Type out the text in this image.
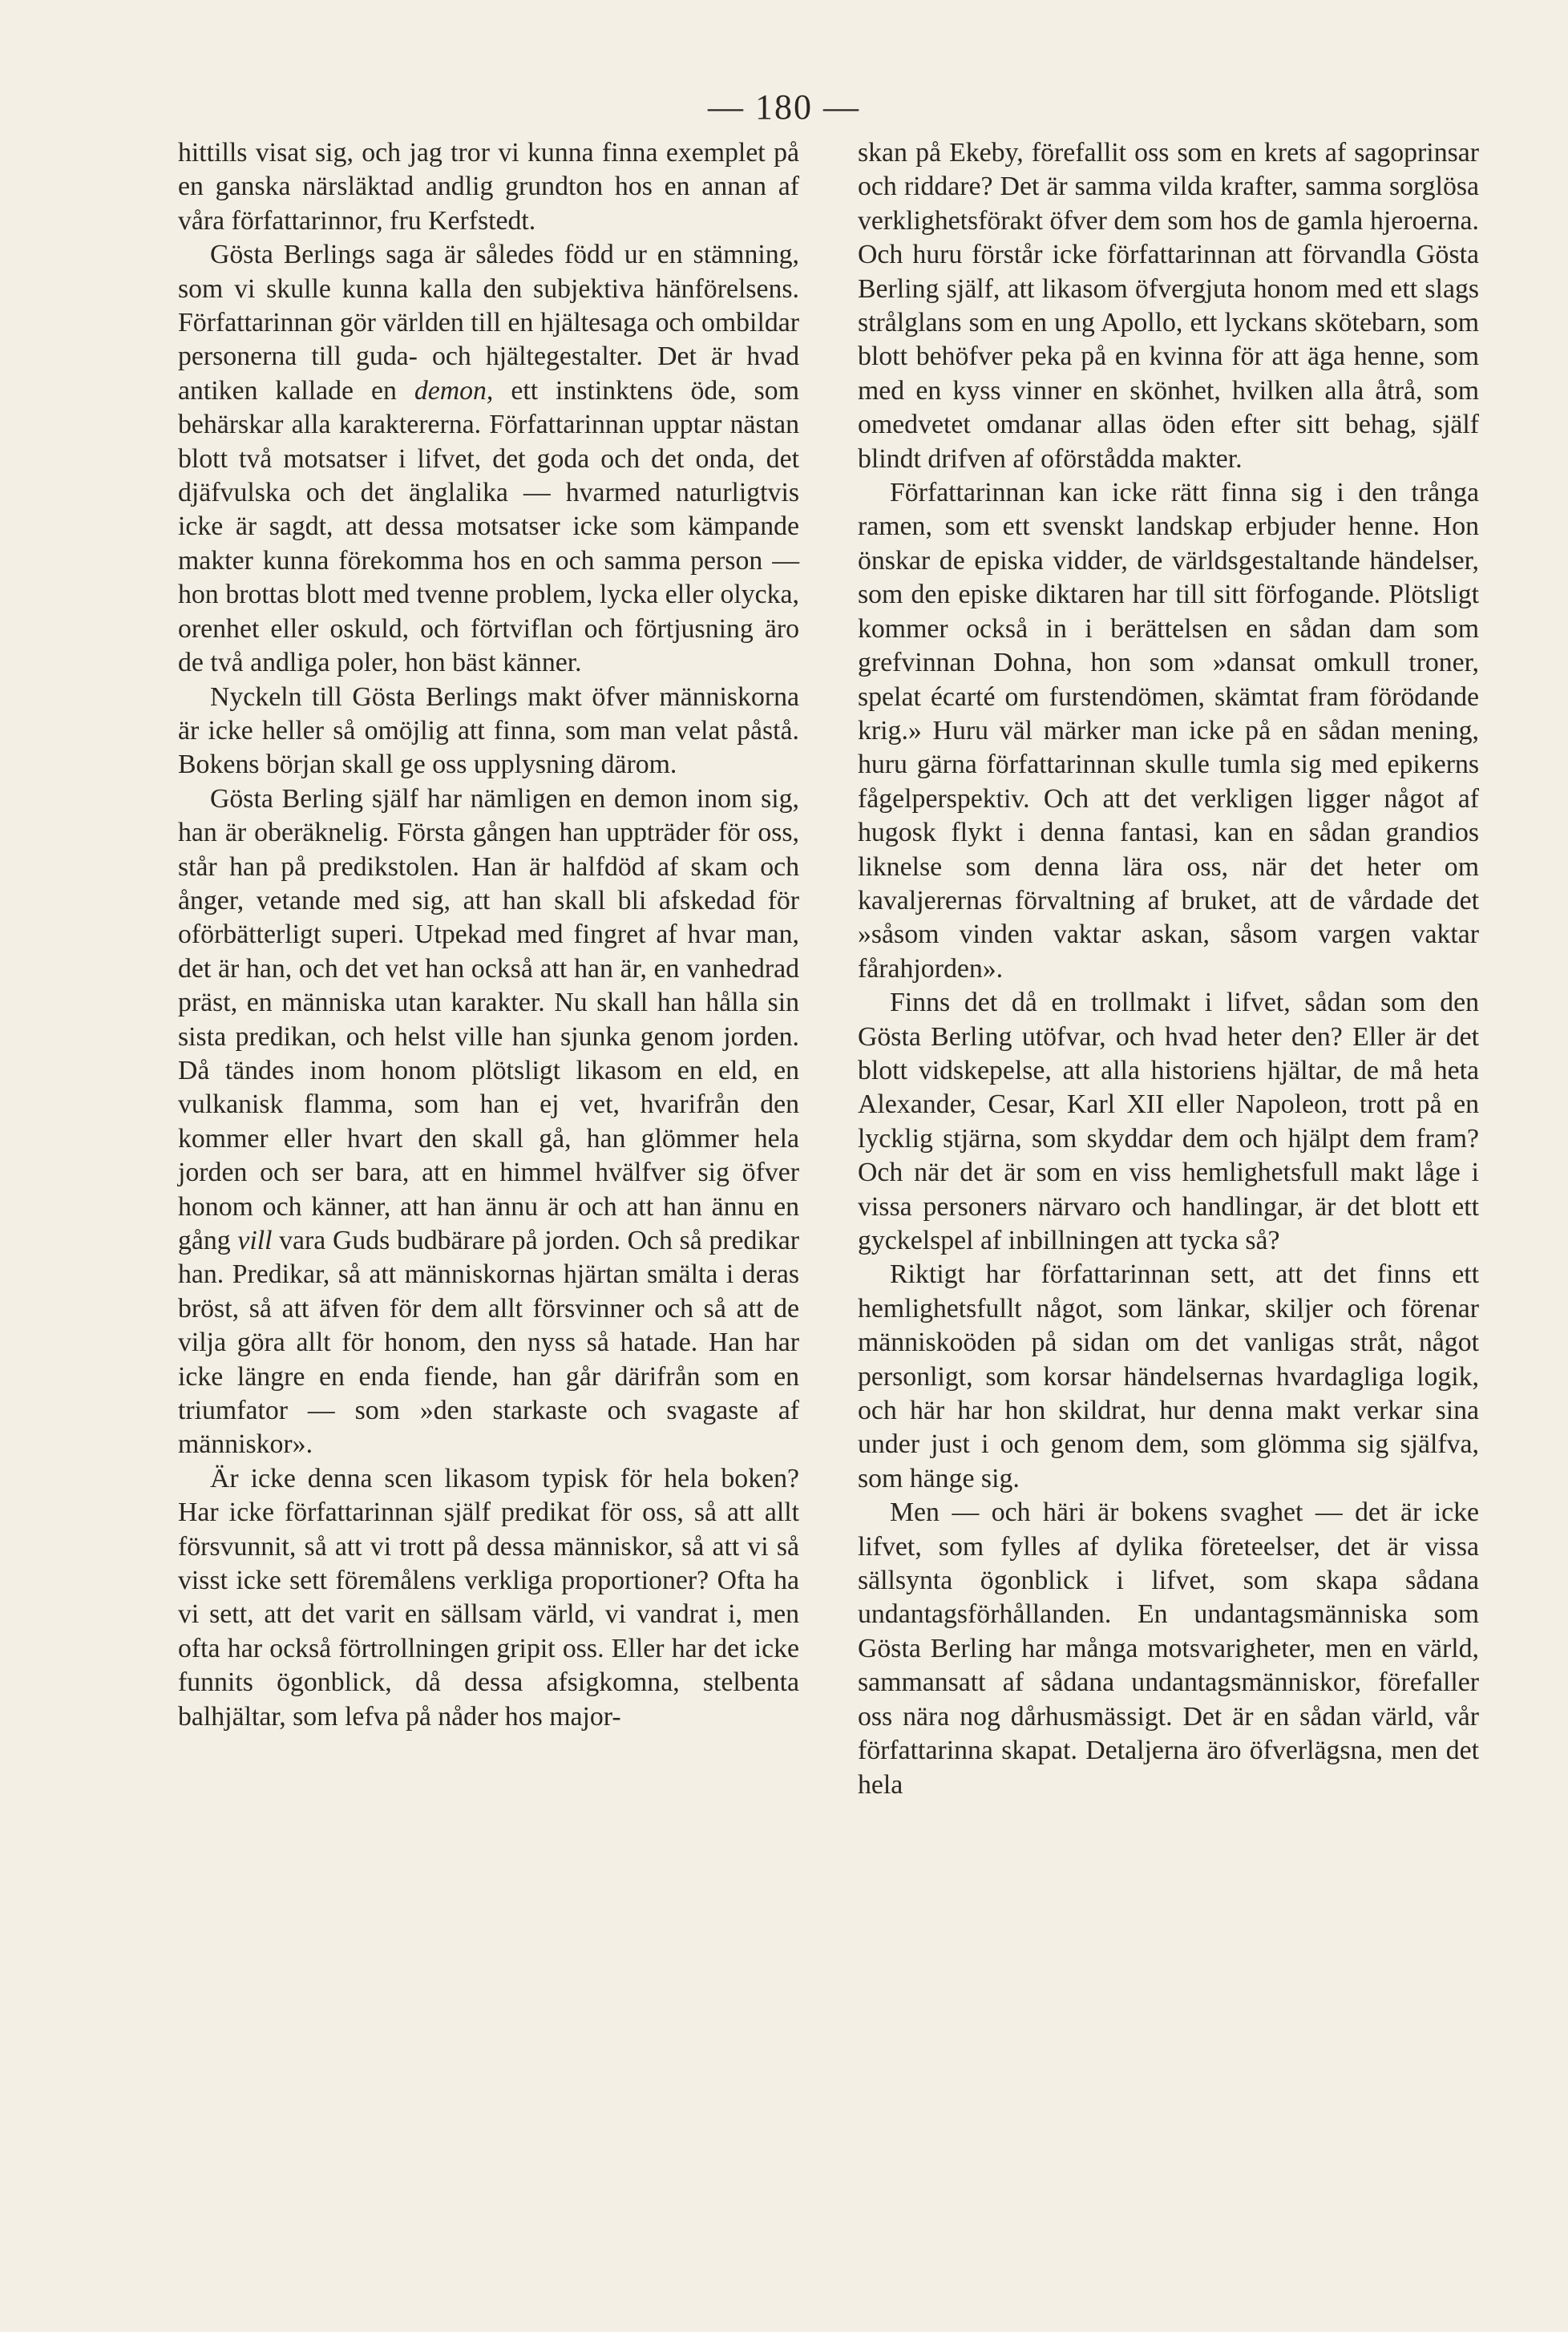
— 180 —

hittills visat sig, och jag tror vi kunna finna exemplet på en ganska närsläktad andlig grundton hos en annan af våra författarinnor, fru Kerfstedt.

Gösta Berlings saga är således född ur en stämning, som vi skulle kunna kalla den subjektiva hänförelsens. Författarinnan gör världen till en hjältesaga och ombildar personerna till guda- och hjältegestalter. Det är hvad antiken kallade en demon, ett instinktens öde, som behärskar alla karaktererna. Författarinnan upptar nästan blott två motsatser i lifvet, det goda och det onda, det djäfvulska och det änglalika — hvarmed naturligtvis icke är sagdt, att dessa motsatser icke som kämpande makter kunna förekomma hos en och samma person — hon brottas blott med tvenne problem, lycka eller olycka, orenhet eller oskuld, och förtviflan och förtjusning äro de två andliga poler, hon bäst känner.

Nyckeln till Gösta Berlings makt öfver människorna är icke heller så omöjlig att finna, som man velat påstå. Bokens början skall ge oss upplysning därom.

Gösta Berling själf har nämligen en demon inom sig, han är oberäknelig. Första gången han uppträder för oss, står han på predikstolen. Han är halfdöd af skam och ånger, vetande med sig, att han skall bli afskedad för oförbätterligt superi. Utpekad med fingret af hvar man, det är han, och det vet han också att han är, en vanhedrad präst, en människa utan karakter. Nu skall han hålla sin sista predikan, och helst ville han sjunka genom jorden. Då tändes inom honom plötsligt likasom en eld, en vulkanisk flamma, som han ej vet, hvarifrån den kommer eller hvart den skall gå, han glömmer hela jorden och ser bara, att en himmel hvälfver sig öfver honom och känner, att han ännu är och att han ännu en gång vill vara Guds budbärare på jorden. Och så predikar han. Predikar, så att människornas hjärtan smälta i deras bröst, så att äfven för dem allt försvinner och så att de vilja göra allt för honom, den nyss så hatade. Han har icke längre en enda fiende, han går därifrån som en triumfator — som »den starkaste och svagaste af människor».

Är icke denna scen likasom typisk för hela boken? Har icke författarinnan själf predikat för oss, så att allt försvunnit, så att vi trott på dessa människor, så att vi så visst icke sett föremålens verkliga proportioner? Ofta ha vi sett, att det varit en sällsam värld, vi vandrat i, men ofta har också förtrollningen gripit oss. Eller har det icke funnits ögonblick, då dessa afsigkomna, stelbenta balhjältar, som lefva på nåder hos major-

skan på Ekeby, förefallit oss som en krets af sagoprinsar och riddare? Det är samma vilda krafter, samma sorglösa verklighetsförakt öfver dem som hos de gamla hjeroerna. Och huru förstår icke författarinnan att förvandla Gösta Berling själf, att likasom öfvergjuta honom med ett slags strålglans som en ung Apollo, ett lyckans skötebarn, som blott behöfver peka på en kvinna för att äga henne, som med en kyss vinner en skönhet, hvilken alla åtrå, som omedvetet omdanar allas öden efter sitt behag, själf blindt drifven af oförstådda makter.

Författarinnan kan icke rätt finna sig i den trånga ramen, som ett svenskt landskap erbjuder henne. Hon önskar de episka vidder, de världsgestaltande händelser, som den episke diktaren har till sitt förfogande. Plötsligt kommer också in i berättelsen en sådan dam som grefvinnan Dohna, hon som »dansat omkull troner, spelat écarté om furstendömen, skämtat fram förödande krig.» Huru väl märker man icke på en sådan mening, huru gärna författarinnan skulle tumla sig med epikerns fågelperspektiv. Och att det verkligen ligger något af hugosk flykt i denna fantasi, kan en sådan grandios liknelse som denna lära oss, när det heter om kavaljerernas förvaltning af bruket, att de vårdade det »såsom vinden vaktar askan, såsom vargen vaktar fårahjorden».

Finns det då en trollmakt i lifvet, sådan som den Gösta Berling utöfvar, och hvad heter den? Eller är det blott vidskepelse, att alla historiens hjältar, de må heta Alexander, Cesar, Karl XII eller Napoleon, trott på en lycklig stjärna, som skyddar dem och hjälpt dem fram? Och när det är som en viss hemlighetsfull makt låge i vissa personers närvaro och handlingar, är det blott ett gyckelspel af inbillningen att tycka så?

Riktigt har författarinnan sett, att det finns ett hemlighetsfullt något, som länkar, skiljer och förenar människoöden på sidan om det vanligas stråt, något personligt, som korsar händelsernas hvardagliga logik, och här har hon skildrat, hur denna makt verkar sina under just i och genom dem, som glömma sig själfva, som hänge sig.

Men — och häri är bokens svaghet — det är icke lifvet, som fylles af dylika företeelser, det är vissa sällsynta ögonblick i lifvet, som skapa sådana undantagsförhållanden. En undantagsmänniska som Gösta Berling har många motsvarigheter, men en värld, sammansatt af sådana undantagsmänniskor, förefaller oss nära nog dårhusmässigt. Det är en sådan värld, vår författarinna skapat. Detaljerna äro öfverlägsna, men det hela
